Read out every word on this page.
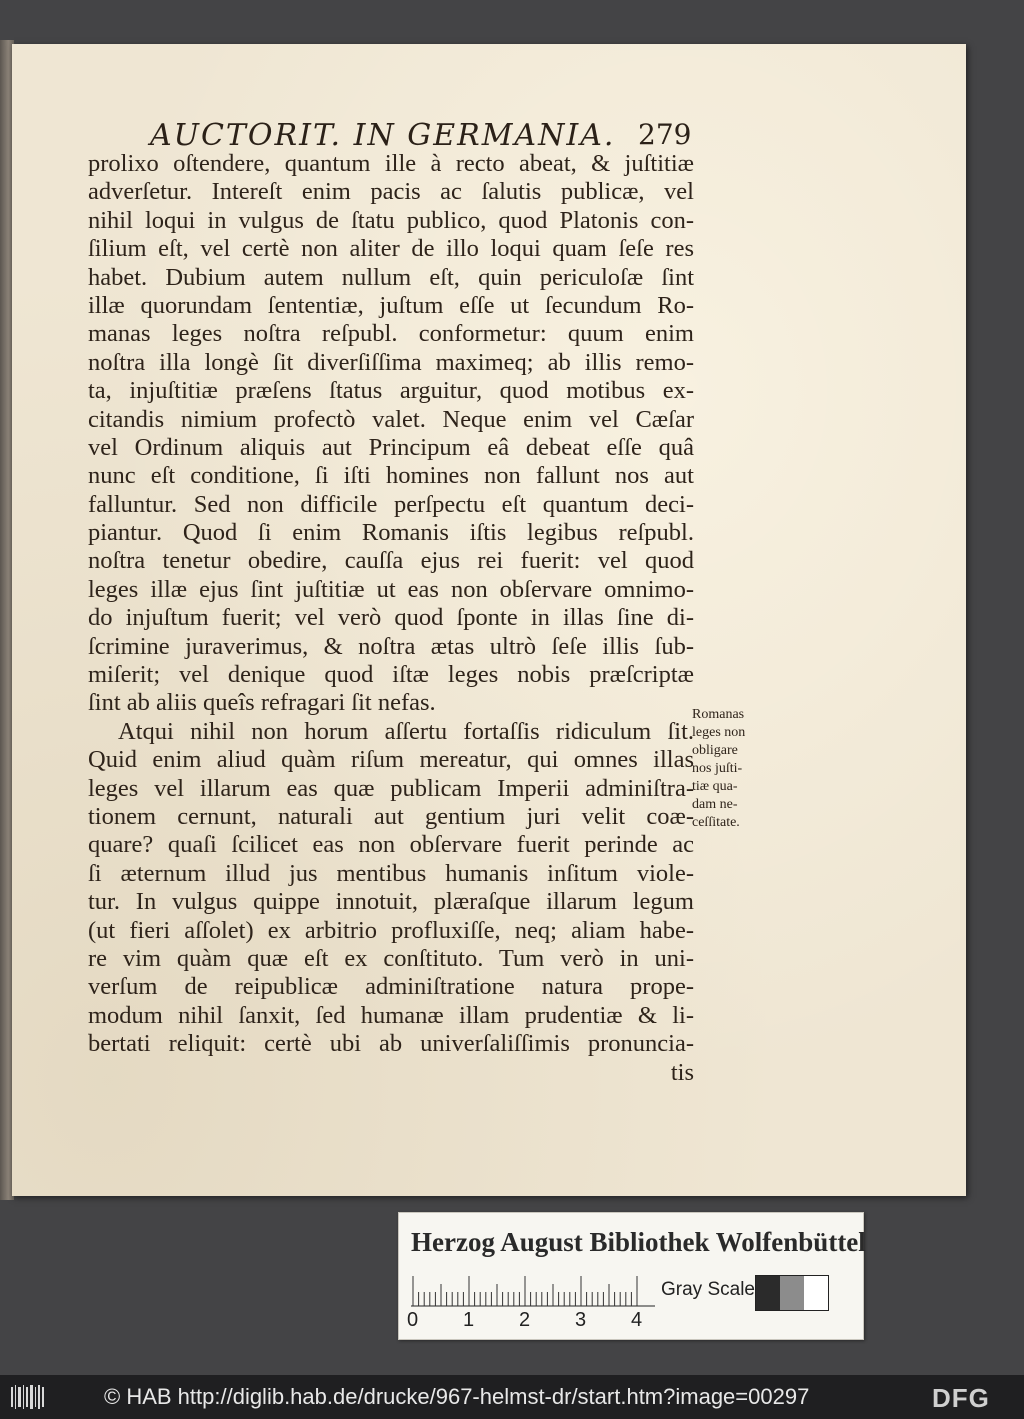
AUCTORIT. IN GERMANIA. 279
prolixo oſtendere, quantum ille à recto abeat, & juſtitiæ
adverſetur. Intereſt enim pacis ac ſalutis publicæ, vel
nihil loqui in vulgus de ſtatu publico, quod Platonis con-
ſilium eſt, vel certè non aliter de illo loqui quam ſeſe res
habet. Dubium autem nullum eſt, quin periculoſæ ſint
illæ quorundam ſententiæ, juſtum eſſe ut ſecundum Ro-
manas leges noſtra reſpubl. conformetur: quum enim
noſtra illa longè ſit diverſiſſima maximeq; ab illis remo-
ta, injuſtitiæ præſens ſtatus arguitur, quod motibus ex-
citandis nimium profectò valet. Neque enim vel Cæſar
vel Ordinum aliquis aut Principum eâ debeat eſſe quâ
nunc eſt conditione, ſi iſti homines non fallunt nos aut
falluntur. Sed non difficile perſpectu eſt quantum deci-
piantur. Quod ſi enim Romanis iſtis legibus reſpubl.
noſtra tenetur obedire, cauſſa ejus rei fuerit: vel quod
leges illæ ejus ſint juſtitiæ ut eas non obſervare omnimo-
do injuſtum fuerit; vel verò quod ſponte in illas ſine di-
ſcrimine juraverimus, & noſtra ætas ultrò ſeſe illis ſub-
miſerit; vel denique quod iſtæ leges nobis præſcriptæ
ſint ab aliis queîs refragari ſit nefas.
Atqui nihil non horum aſſertu fortaſſis ridiculum ſit.
Quid enim aliud quàm riſum mereatur, qui omnes illas
leges vel illarum eas quæ publicam Imperii adminiſtra-
tionem cernunt, naturali aut gentium juri velit coæ-
quare? quaſi ſcilicet eas non obſervare fuerit perinde ac
ſi æternum illud jus mentibus humanis inſitum viole-
tur. In vulgus quippe innotuit, plæraſque illarum legum
(ut fieri aſſolet) ex arbitrio profluxiſſe, neq; aliam habe-
re vim quàm quæ eſt ex conſtituto. Tum verò in uni-
verſum de reipublicæ adminiſtratione natura prope-
modum nihil ſanxit, ſed humanæ illam prudentiæ & li-
bertati reliquit: certè ubi ab univerſaliſſimis pronuncia-
tis
Romanas
leges non
obligare
nos juſti-
tiæ qua-
dam ne-
ceſſitate.
Herzog August Bibliothek Wolfenbüttel
0 1 2 3 4
Gray Scale
© HAB http://diglib.hab.de/drucke/967-helmst-dr/start.htm?image=00297	DFG
